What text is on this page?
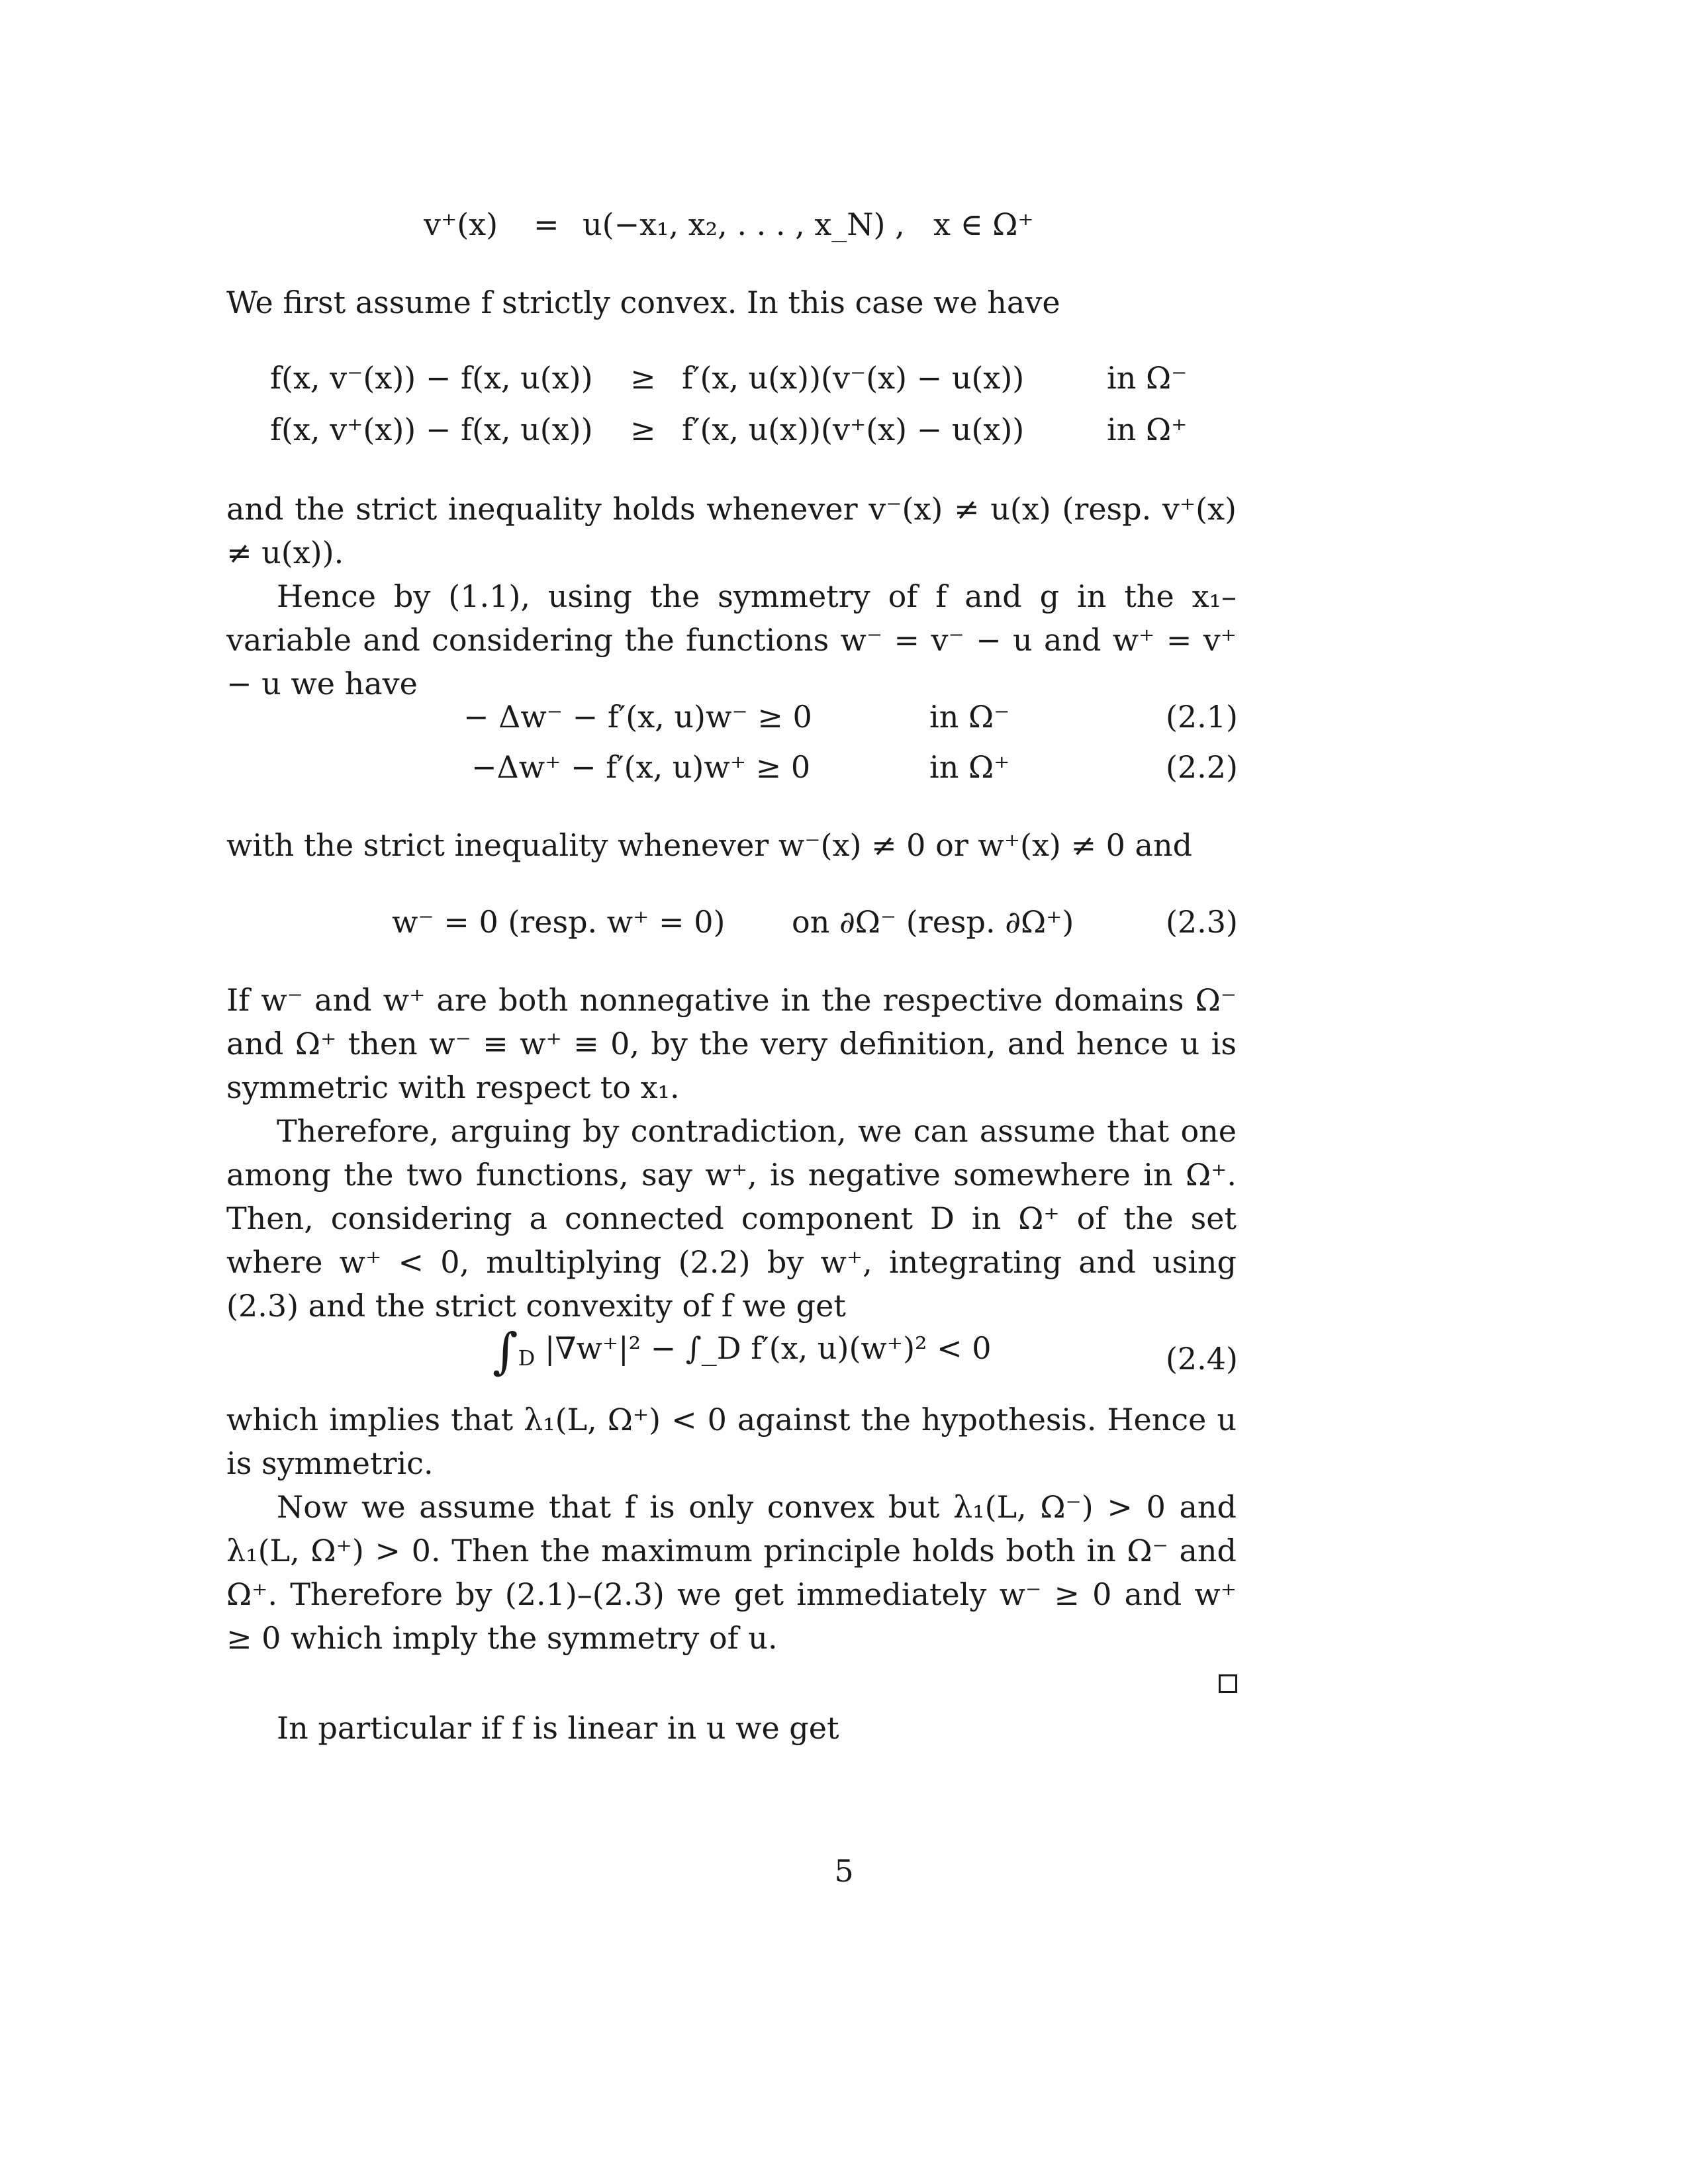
v⁺(x) = u(−x₁, x₂, . . . , x_N) , x ∈ Ω⁺
We first assume f strictly convex. In this case we have
f(x, v⁻(x)) − f(x, u(x)) ≥ f′(x, u(x))(v⁻(x) − u(x))	in Ω⁻
f(x, v⁺(x)) − f(x, u(x)) ≥ f′(x, u(x))(v⁺(x) − u(x))	in Ω⁺
and the strict inequality holds whenever v⁻(x) ≠ u(x) (resp. v⁺(x) ≠ u(x)).
Hence by (1.1), using the symmetry of f and g in the x₁–variable and considering the functions w⁻ = v⁻ − u and w⁺ = v⁺ − u we have
− Δw⁻ − f′(x, u)w⁻ ≥ 0	in Ω⁻	(2.1)
−Δw⁺ − f′(x, u)w⁺ ≥ 0	in Ω⁺	(2.2)
with the strict inequality whenever w⁻(x) ≠ 0 or w⁺(x) ≠ 0 and
w⁻ = 0 (resp. w⁺ = 0) on ∂Ω⁻ (resp. ∂Ω⁺)	(2.3)
If w⁻ and w⁺ are both nonnegative in the respective domains Ω⁻ and Ω⁺ then w⁻ ≡ w⁺ ≡ 0, by the very definition, and hence u is symmetric with respect to x₁.
Therefore, arguing by contradiction, we can assume that one among the two functions, say w⁺, is negative somewhere in Ω⁺. Then, considering a connected component D in Ω⁺ of the set where w⁺ < 0, multiplying (2.2) by w⁺, integrating and using (2.3) and the strict convexity of f we get
$\int_D$ |∇w⁺|² − ∫_D f′(x, u)(w⁺)² < 0	(2.4)
which implies that λ₁(L, Ω⁺) < 0 against the hypothesis. Hence u is symmetric.
Now we assume that f is only convex but λ₁(L, Ω⁻) > 0 and λ₁(L, Ω⁺) > 0. Then the maximum principle holds both in Ω⁻ and Ω⁺. Therefore by (2.1)–(2.3) we get immediately w⁻ ≥ 0 and w⁺ ≥ 0 which imply the symmetry of u.
In particular if f is linear in u we get
5
